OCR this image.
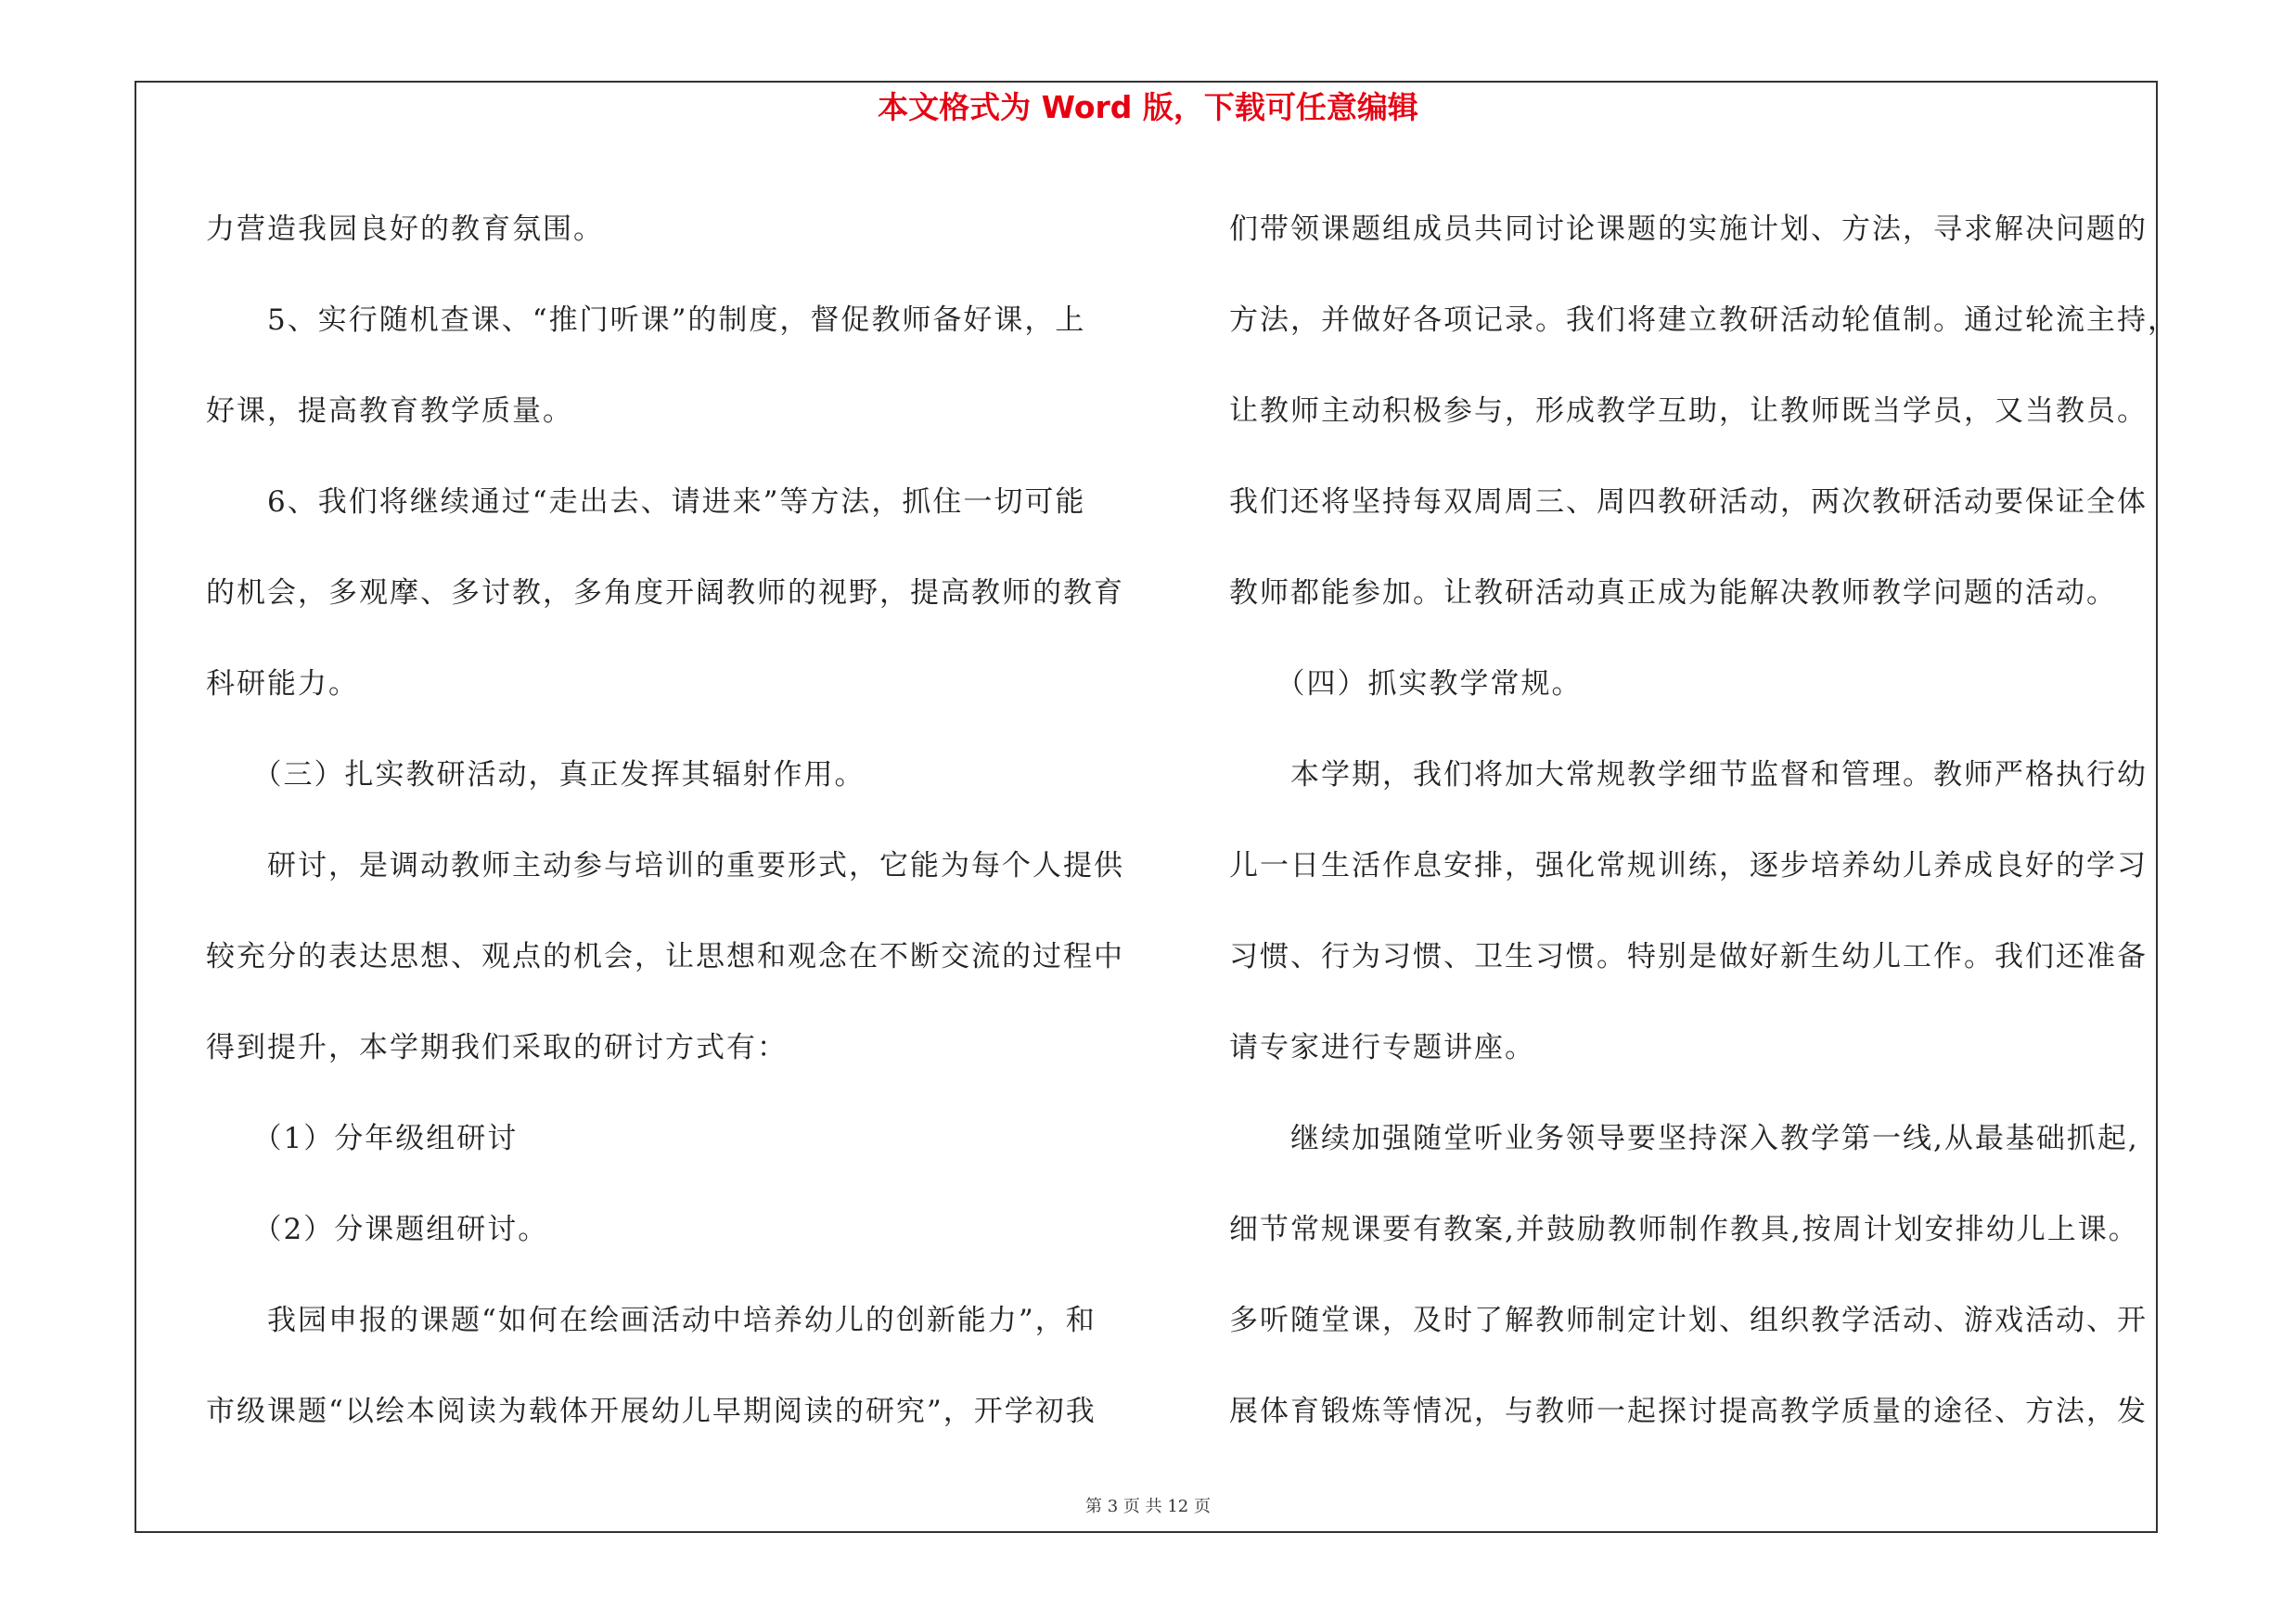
本文格式为 Word 版，下载可任意编辑

力营造我园良好的教育氛围。

　　5、实行随机查课、“推门听课”的制度，督促教师备好课，上

好课，提高教育教学质量。

　　6、我们将继续通过“走出去、请进来”等方法，抓住一切可能

的机会，多观摩、多讨教，多角度开阔教师的视野，提高教师的教育

科研能力。

　　（三）扎实教研活动，真正发挥其辐射作用。

　　研讨，是调动教师主动参与培训的重要形式，它能为每个人提供

较充分的表达思想、观点的机会，让思想和观念在不断交流的过程中

得到提升，本学期我们采取的研讨方式有：

　　（1）分年级组研讨

　　（2）分课题组研讨。

　　我园申报的课题“如何在绘画活动中培养幼儿的创新能力”，和

市级课题“以绘本阅读为载体开展幼儿早期阅读的研究”，开学初我

们带领课题组成员共同讨论课题的实施计划、方法，寻求解决问题的

方法，并做好各项记录。我们将建立教研活动轮值制。通过轮流主持，

让教师主动积极参与，形成教学互助，让教师既当学员，又当教员。

我们还将坚持每双周周三、周四教研活动，两次教研活动要保证全体

教师都能参加。让教研活动真正成为能解决教师教学问题的活动。

　　（四）抓实教学常规。

　　本学期，我们将加大常规教学细节监督和管理。教师严格执行幼

儿一日生活作息安排，强化常规训练，逐步培养幼儿养成良好的学习

习惯、行为习惯、卫生习惯。特别是做好新生幼儿工作。我们还准备

请专家进行专题讲座。

　　继续加强随堂听业务领导要坚持深入教学第一线,从最基础抓起,

细节常规课要有教案,并鼓励教师制作教具,按周计划安排幼儿上课。

多听随堂课，及时了解教师制定计划、组织教学活动、游戏活动、开

展体育锻炼等情况，与教师一起探讨提高教学质量的途径、方法，发

第 3 页 共 12 页
